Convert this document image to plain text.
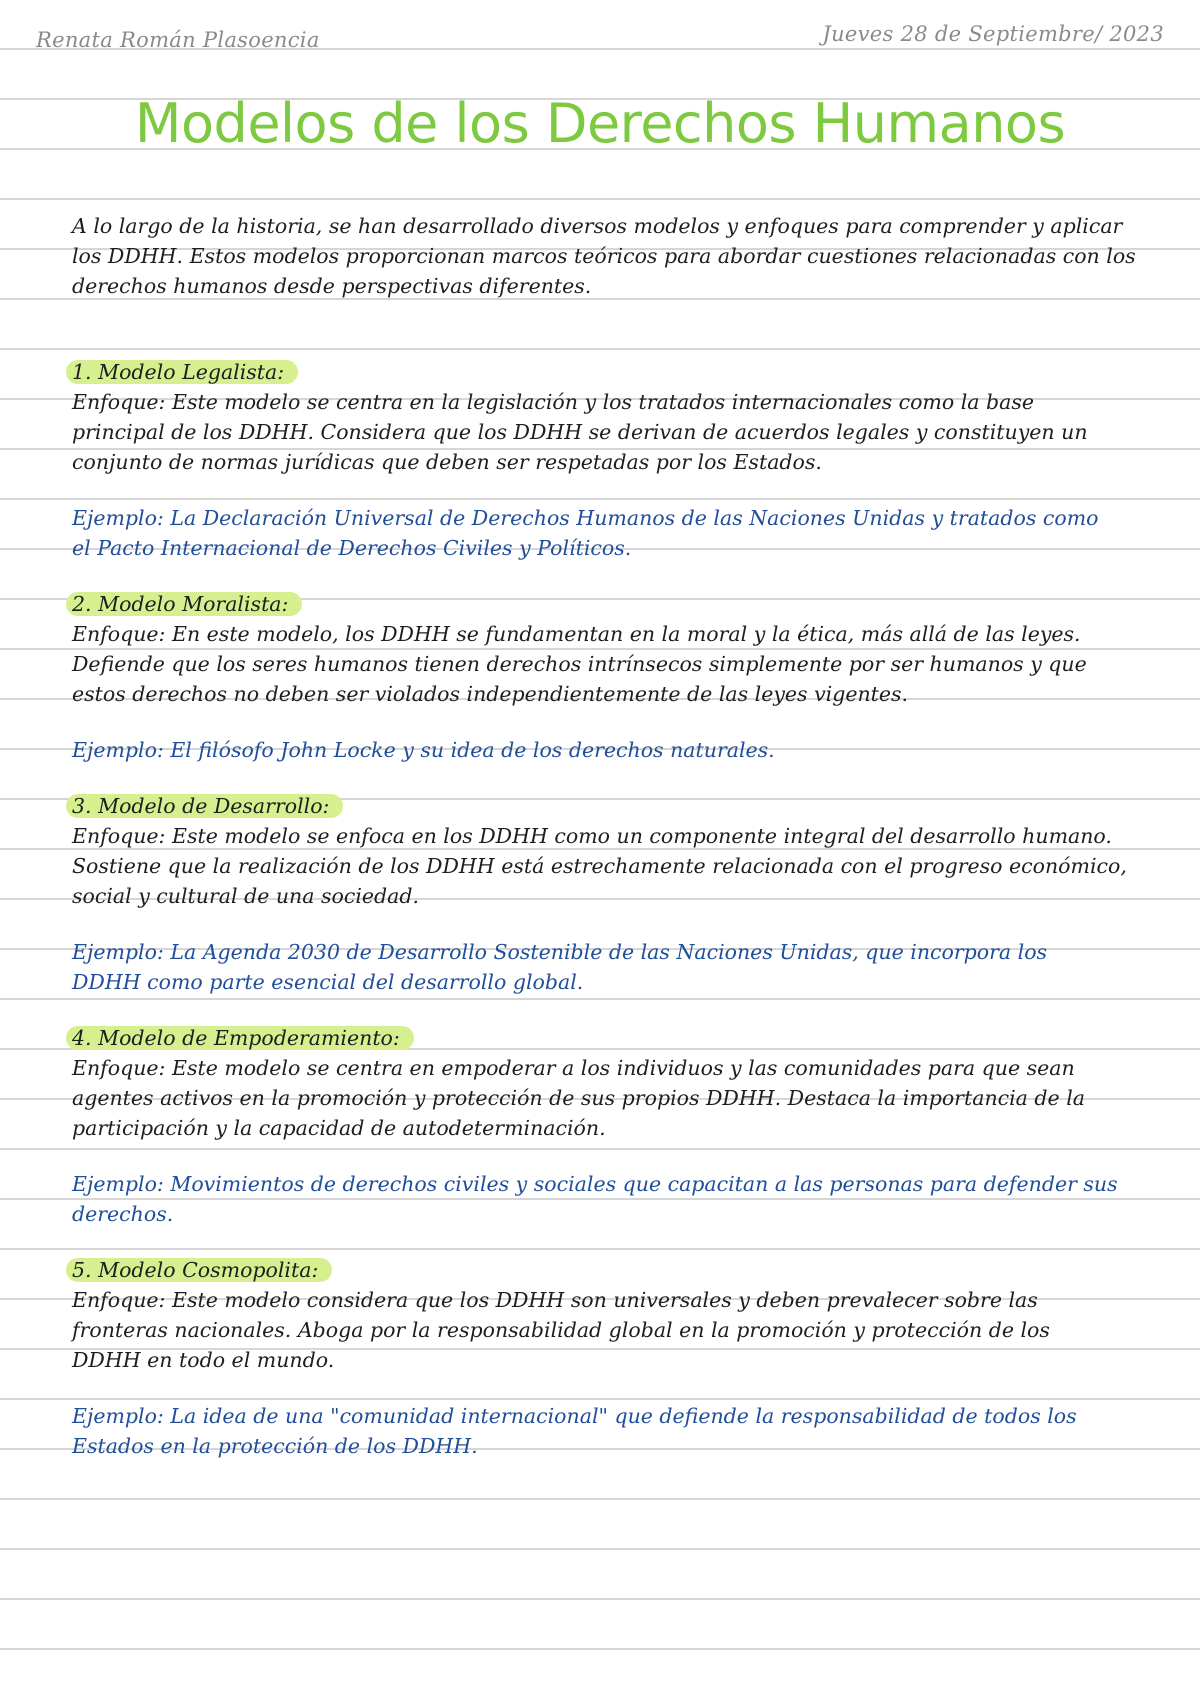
Renata Román Plasoencia	Jueves 28 de Septiembre/ 2023
Modelos de los Derechos Humanos
A lo largo de la historia, se han desarrollado diversos modelos y enfoques para comprender y aplicar
los DDHH. Estos modelos proporcionan marcos teóricos para abordar cuestiones relacionadas con los
derechos humanos desde perspectivas diferentes.
1. Modelo Legalista:
Enfoque: Este modelo se centra en la legislación y los tratados internacionales como la base
principal de los DDHH. Considera que los DDHH se derivan de acuerdos legales y constituyen un
conjunto de normas jurídicas que deben ser respetadas por los Estados.
Ejemplo: La Declaración Universal de Derechos Humanos de las Naciones Unidas y tratados como
el Pacto Internacional de Derechos Civiles y Políticos.
2. Modelo Moralista:
Enfoque: En este modelo, los DDHH se fundamentan en la moral y la ética, más allá de las leyes.
Defiende que los seres humanos tienen derechos intrínsecos simplemente por ser humanos y que
estos derechos no deben ser violados independientemente de las leyes vigentes.
Ejemplo: El filósofo John Locke y su idea de los derechos naturales.
3. Modelo de Desarrollo:
Enfoque: Este modelo se enfoca en los DDHH como un componente integral del desarrollo humano.
Sostiene que la realización de los DDHH está estrechamente relacionada con el progreso económico,
social y cultural de una sociedad.
Ejemplo: La Agenda 2030 de Desarrollo Sostenible de las Naciones Unidas, que incorpora los
DDHH como parte esencial del desarrollo global.
4. Modelo de Empoderamiento:
Enfoque: Este modelo se centra en empoderar a los individuos y las comunidades para que sean
agentes activos en la promoción y protección de sus propios DDHH. Destaca la importancia de la
participación y la capacidad de autodeterminación.
Ejemplo: Movimientos de derechos civiles y sociales que capacitan a las personas para defender sus
derechos.
5. Modelo Cosmopolita:
Enfoque: Este modelo considera que los DDHH son universales y deben prevalecer sobre las
fronteras nacionales. Aboga por la responsabilidad global en la promoción y protección de los
DDHH en todo el mundo.
Ejemplo: La idea de una "comunidad internacional" que defiende la responsabilidad de todos los
Estados en la protección de los DDHH.
